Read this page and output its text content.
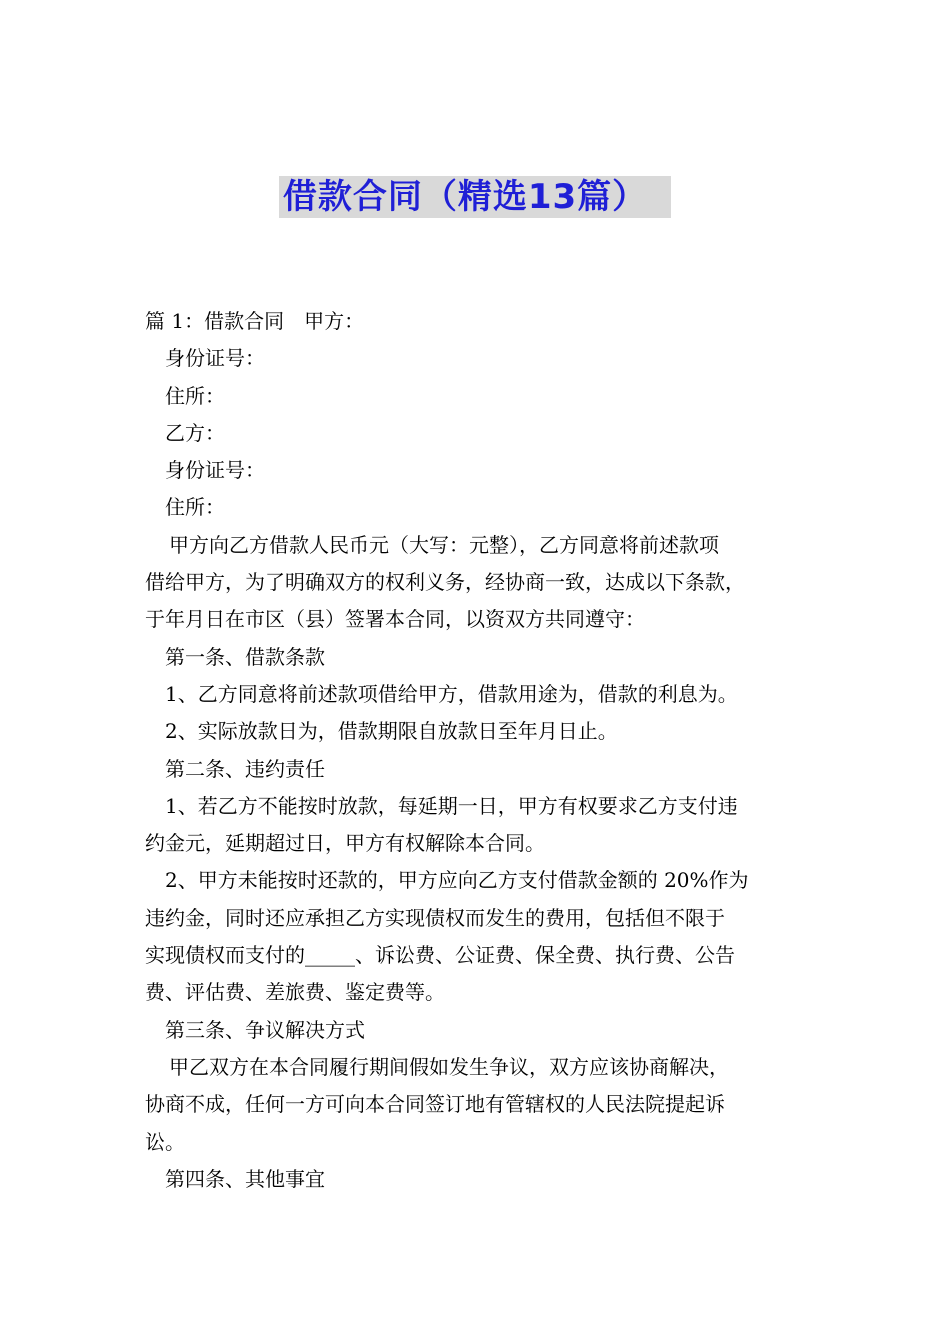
借款合同（精选13篇）

篇 1：借款合同　甲方：

身份证号：

住所：

乙方：

身份证号：

住所：

甲方向乙方借款人民币元（大写：元整），乙方同意将前述款项

借给甲方，为了明确双方的权利义务，经协商一致，达成以下条款，

于年月日在市区（县）签署本合同，以资双方共同遵守：

第一条、借款条款

1、乙方同意将前述款项借给甲方，借款用途为，借款的利息为。

2、实际放款日为，借款期限自放款日至年月日止。

第二条、违约责任

1、若乙方不能按时放款，每延期一日，甲方有权要求乙方支付违

约金元，延期超过日，甲方有权解除本合同。

2、甲方未能按时还款的，甲方应向乙方支付借款金额的 20%作为

违约金，同时还应承担乙方实现债权而发生的费用，包括但不限于

实现债权而支付的_____、诉讼费、公证费、保全费、执行费、公告

费、评估费、差旅费、鉴定费等。

第三条、争议解决方式

甲乙双方在本合同履行期间假如发生争议，双方应该协商解决，

协商不成，任何一方可向本合同签订地有管辖权的人民法院提起诉

讼。

第四条、其他事宜
